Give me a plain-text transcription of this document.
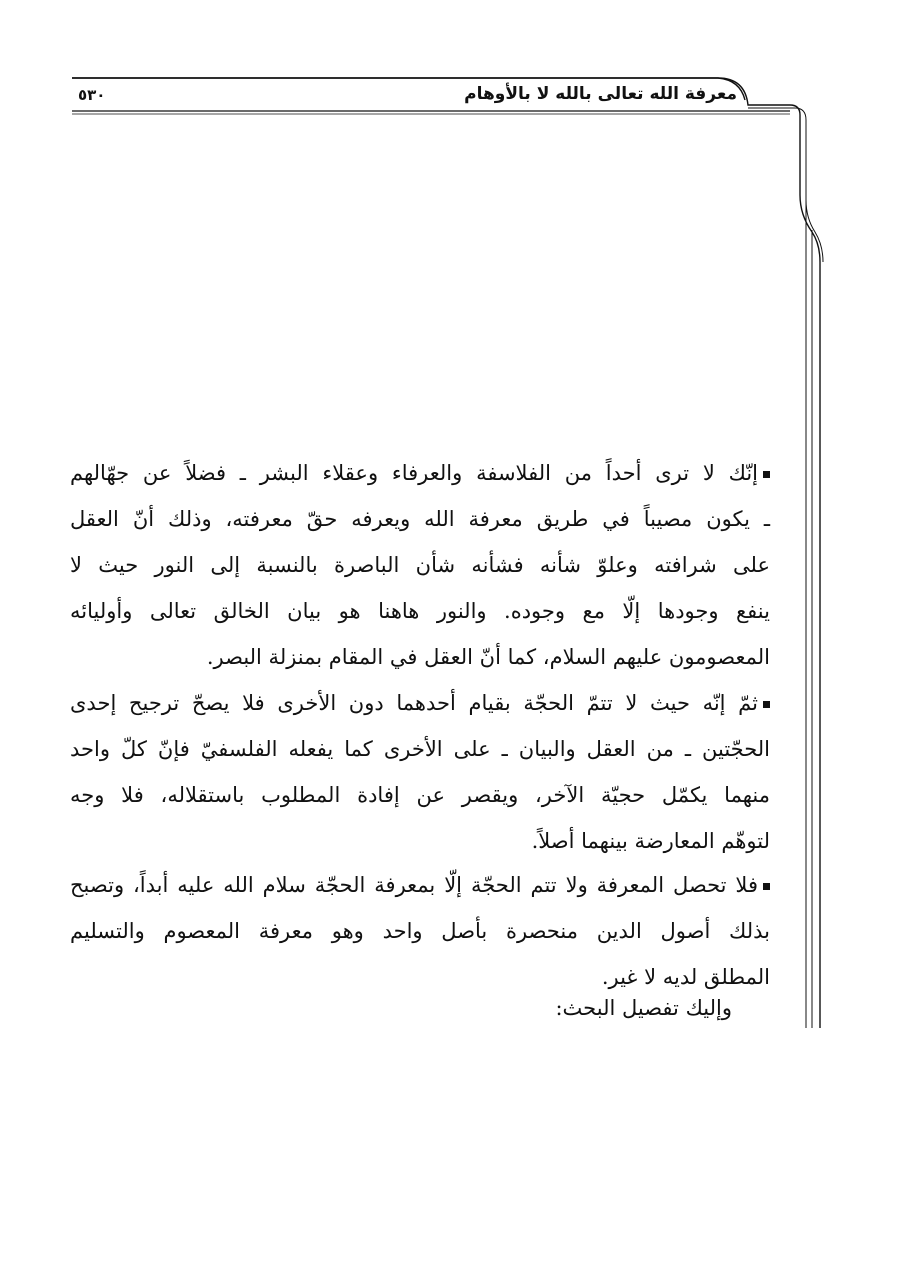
معرفة الله تعالى بالله لا بالأوهام
٥٣٠
إنّك لا ترى أحداً من الفلاسفة والعرفاء وعقلاء البشر ـ فضلاً عن جهّالهم
ـ يكون مصيباً في طريق معرفة الله ويعرفه حقّ معرفته، وذلك أنّ العقل
على شرافته وعلوّ شأنه فشأنه شأن الباصرة بالنسبة إلى النور حيث لا
ينفع وجودها إلّا مع وجوده. والنور هاهنا هو بيان الخالق تعالى وأوليائه
المعصومون عليهم السلام، كما أنّ العقل في المقام بمنزلة البصر.
ثمّ إنّه حيث لا تتمّ الحجّة بقيام أحدهما دون الأخرى فلا يصحّ ترجيح إحدى
الحجّتين ـ من العقل والبيان ـ على الأخرى كما يفعله الفلسفيّ فإنّ كلّ واحد
منهما يكمّل حجيّة الآخر، ويقصر عن إفادة المطلوب باستقلاله، فلا وجه
لتوهّم المعارضة بينهما أصلاً.
فلا تحصل المعرفة ولا تتم الحجّة إلّا بمعرفة الحجّة سلام الله عليه أبداً، وتصبح
بذلك أصول الدين منحصرة بأصل واحد وهو معرفة المعصوم والتسليم
المطلق لديه لا غير.
وإليك تفصيل البحث:
